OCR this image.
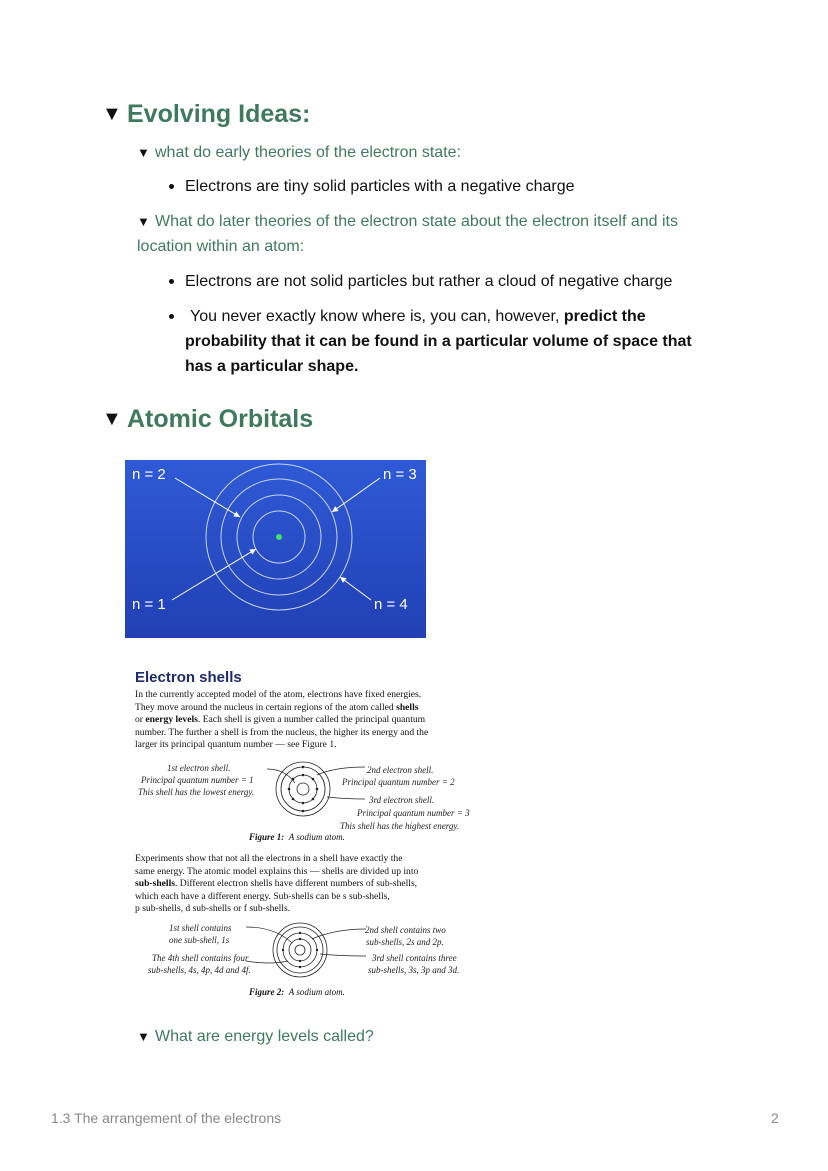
▼ Evolving Ideas:
▼ what do early theories of the electron state:
Electrons are tiny solid particles with a negative charge
▼ What do later theories of the electron state about the electron itself and its
location within an atom:
Electrons are not solid particles but rather a cloud of negative charge
You never exactly know where is, you can, however, predict the
probability that it can be found in a particular volume of space that
has a particular shape.
▼ Atomic Orbitals
n = 2	n = 3
n = 1	n = 4
Electron shells
In the currently accepted model of the atom, electrons have fixed energies.
They move around the nucleus in certain regions of the atom called shells
or energy levels. Each shell is given a number called the principal quantum
number. The further a shell is from the nucleus, the higher its energy and the
larger its principal quantum number — see Figure 1.
1st electron shell.
Principal quantum number = 1
This shell has the lowest energy.
2nd electron shell.
Principal quantum number = 2
3rd electron shell.
Principal quantum number = 3
This shell has the highest energy.
Figure 1: A sodium atom.
Experiments show that not all the electrons in a shell have exactly the
same energy. The atomic model explains this — shells are divided up into
sub-shells. Different electron shells have different numbers of sub-shells,
which each have a different energy. Sub-shells can be s sub-shells,
p sub-shells, d sub-shells or f sub-shells.
1st shell contains
one sub-shell, 1s
The 4th shell contains four
sub-shells, 4s, 4p, 4d and 4f.
2nd shell contains two
sub-shells, 2s and 2p.
3rd shell contains three
sub-shells, 3s, 3p and 3d.
Figure 2: A sodium atom.
▼ What are energy levels called?
1.3 The arrangement of the electrons	2
